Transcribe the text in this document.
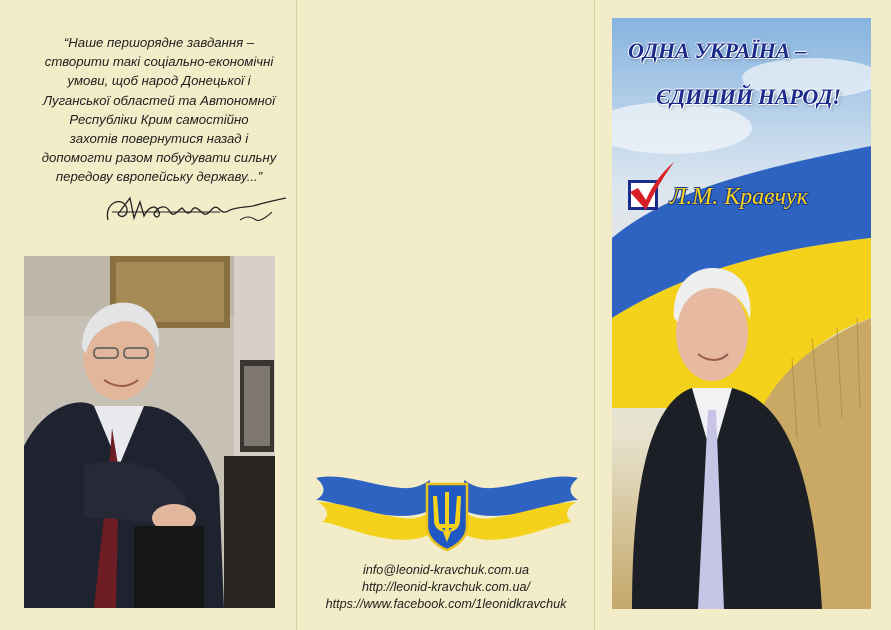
“Наше першорядне завдання –
створити такі соціально-економічні
умови, щоб народ Донецької і
Луганської областей та Автономної
Республіки Крим самостійно
захотів повернутися назад і
допомогти разом побудувати сильну
передову європейську державу...”
info@leonid-kravchuk.com.ua
http://leonid-kravchuk.com.ua/
https://www.facebook.com/1leonidkravchuk
ОДНА УКРАЇНА –
ЄДИНИЙ НАРОД!
Л.М. Кравчук
